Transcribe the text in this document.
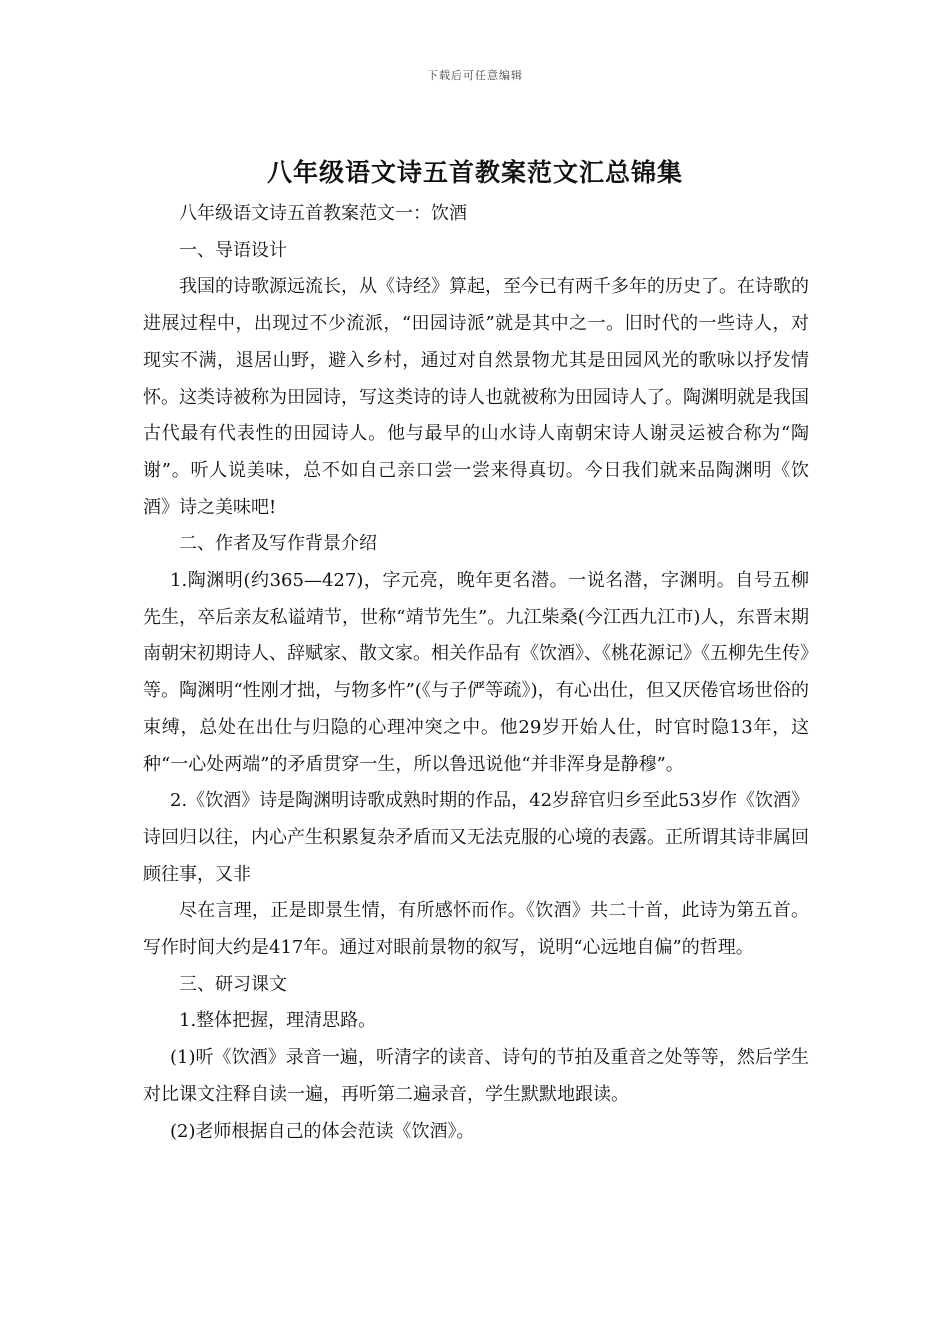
下载后可任意编辑
八年级语文诗五首教案范文汇总锦集

八年级语文诗五首教案范文一：饮酒

一、导语设计

我国的诗歌源远流长，从《诗经》算起，至今已有两千多年的历史了。在诗歌的进展过程中，出现过不少流派，“田园诗派”就是其中之一。旧时代的一些诗人，对现实不满，退居山野，避入乡村，通过对自然景物尤其是田园风光的歌咏以抒发情怀。这类诗被称为田园诗，写这类诗的诗人也就被称为田园诗人了。陶渊明就是我国古代最有代表性的田园诗人。他与最早的山水诗人南朝宋诗人谢灵运被合称为“陶谢”。听人说美味，总不如自己亲口尝一尝来得真切。今日我们就来品陶渊明《饮酒》诗之美味吧!

二、作者及写作背景介绍

1.陶渊明(约365—427)，字元亮，晚年更名潜。一说名潜，字渊明。自号五柳先生，卒后亲友私谥靖节，世称“靖节先生”。九江柴桑(今江西九江市)人，东晋末期南朝宋初期诗人、辞赋家、散文家。相关作品有《饮酒》、《桃花源记》《五柳先生传》等。陶渊明“性刚才拙，与物多忤”(《与子俨等疏》)，有心出仕，但又厌倦官场世俗的束缚，总处在出仕与归隐的心理冲突之中。他29岁开始人仕，时官时隐13年，这种“一心处两端”的矛盾贯穿一生，所以鲁迅说他“并非浑身是静穆”。

2.《饮酒》诗是陶渊明诗歌成熟时期的作品，42岁辞官归乡至此53岁作《饮酒》诗回归以往，内心产生积累复杂矛盾而又无法克服的心境的表露。正所谓其诗非属回顾往事，又非

尽在言理，正是即景生情，有所感怀而作。《饮酒》共二十首，此诗为第五首。写作时间大约是417年。通过对眼前景物的叙写，说明“心远地自偏”的哲理。

三、研习课文

1.整体把握，理清思路。

(1)听《饮酒》录音一遍，听清字的读音、诗句的节拍及重音之处等等，然后学生对比课文注释自读一遍，再听第二遍录音，学生默默地跟读。

(2)老师根据自己的体会范读《饮酒》。
